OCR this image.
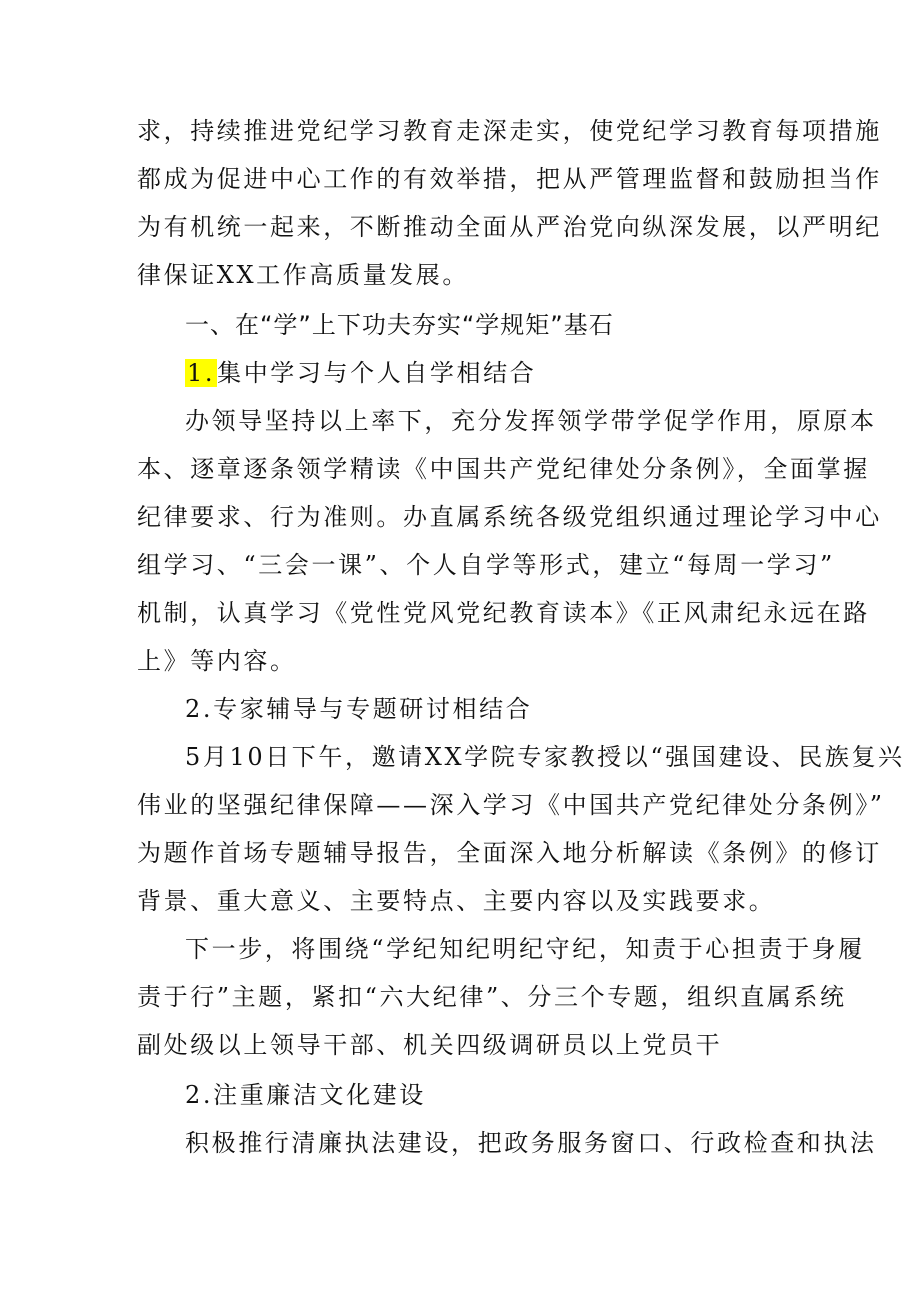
求，持续推进党纪学习教育走深走实，使党纪学习教育每项措施
都成为促进中心工作的有效举措，把从严管理监督和鼓励担当作
为有机统一起来，不断推动全面从严治党向纵深发展，以严明纪
律保证XX工作高质量发展。
一、在“学”上下功夫夯实“学规矩”基石
1.集中学习与个人自学相结合
办领导坚持以上率下，充分发挥领学带学促学作用，原原本
本、逐章逐条领学精读《中国共产党纪律处分条例》，全面掌握
纪律要求、行为准则。办直属系统各级党组织通过理论学习中心
组学习、“三会一课”、个人自学等形式，建立“每周一学习”
机制，认真学习《党性党风党纪教育读本》《正风肃纪永远在路
上》等内容。
2.专家辅导与专题研讨相结合
5月10日下午，邀请XX学院专家教授以“强国建设、民族复兴
伟业的坚强纪律保障——深入学习《中国共产党纪律处分条例》”
为题作首场专题辅导报告，全面深入地分析解读《条例》的修订
背景、重大意义、主要特点、主要内容以及实践要求。
下一步，将围绕“学纪知纪明纪守纪，知责于心担责于身履
责于行”主题，紧扣“六大纪律”、分三个专题，组织直属系统
副处级以上领导干部、机关四级调研员以上党员干
2.注重廉洁文化建设
积极推行清廉执法建设，把政务服务窗口、行政检查和执法
